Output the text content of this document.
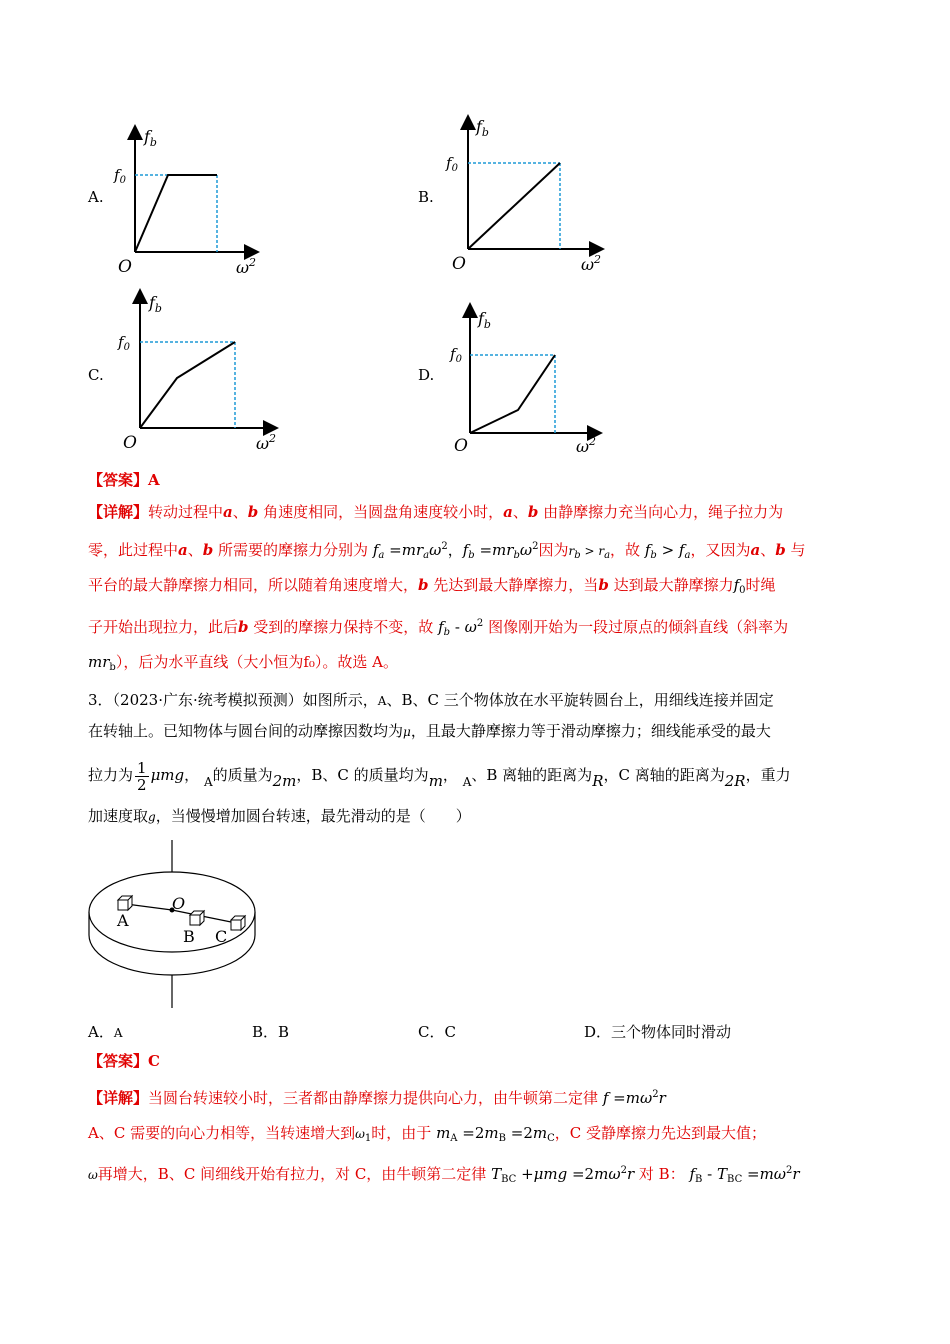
A.	B.
C.	D.
$f_b$
$f_0$
O	$\omega^2$
$f_b$
$f_0$
O	$\omega^2$
$f_b$
$f_0$
O	$\omega^2$
$f_b$
$f_0$
O	$\omega^2$
【答案】A
【详解】转动过程中a、b 角速度相同，当圆盘角速度较小时，a、b 由静摩擦力充当向心力，绳子拉力为
零，此过程中a、b 所需要的摩擦力分别为 $f_a =mr_a\omega^2$，$f_b =mr_b\omega^2$因为$r_b > r_a$，故 $f_b > f_a$，又因为a、b 与
平台的最大静摩擦力相同，所以随着角速度增大，b 先达到最大静摩擦力，当b 达到最大静摩擦力$f_0$时绳
子开始出现拉力，此后b 受到的摩擦力保持不变，故 $f_b - \omega^2$ 图像刚开始为一段过原点的倾斜直线（斜率为
$mr_b$），后为水平直线（大小恒为f₀）。故选 A。
3．（2023·广东·统考模拟预测）如图所示，A、B、C 三个物体放在水平旋转圆台上，用细线连接并固定
在转轴上。已知物体与圆台间的动摩擦因数均为μ，且最大静摩擦力等于滑动摩擦力；细线能承受的最大
拉力为 $\frac{1}{2}$ μmg， $_A$的质量为2m，B、C 的质量均为m， $_A$、B 离轴的距离为R，C 离轴的距离为2R，重力
加速度取g，当慢慢增加圆台转速，最先滑动的是（　　）
A
O
B C
A．A	B．B	C．C	D．三个物体同时滑动
【答案】C
【详解】当圆台转速较小时，三者都由静摩擦力提供向心力，由牛顿第二定律 $f =m\omega^2r$
A、C 需要的向心力相等，当转速增大到$\omega_1$时，由于 $m_A =2m_B =2m_C$，C 受静摩擦力先达到最大值；
ω再增大，B、C 间细线开始有拉力，对 C，由牛顿第二定律 $T_{BC} +\mu mg =2m\omega^2r$ 对 B： $f_B - T_{BC} =m\omega^2r$
